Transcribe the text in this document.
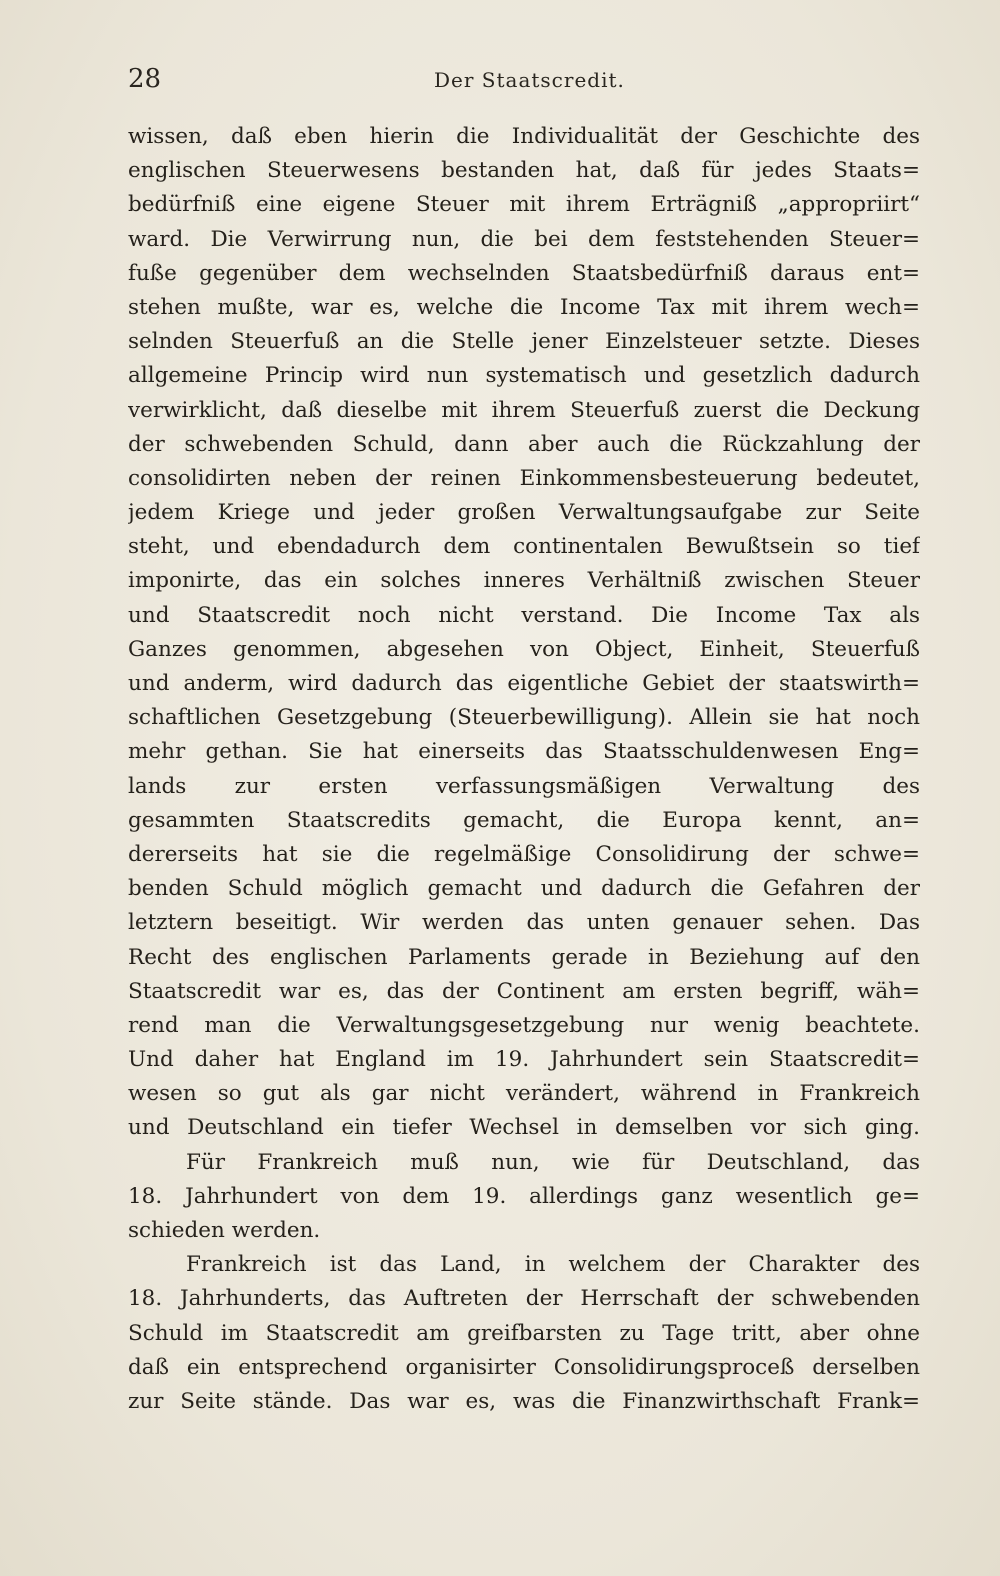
28	Der Staatscredit.
wissen, daß eben hierin die Individualität der Geschichte des
englischen Steuerwesens bestanden hat, daß für jedes Staats=
bedürfniß eine eigene Steuer mit ihrem Erträgniß „appropriirt“
ward. Die Verwirrung nun, die bei dem feststehenden Steuer=
fuße gegenüber dem wechselnden Staatsbedürfniß daraus ent=
stehen mußte, war es, welche die Income Tax mit ihrem wech=
selnden Steuerfuß an die Stelle jener Einzelsteuer setzte. Dieses
allgemeine Princip wird nun systematisch und gesetzlich dadurch
verwirklicht, daß dieselbe mit ihrem Steuerfuß zuerst die Deckung
der schwebenden Schuld, dann aber auch die Rückzahlung der
consolidirten neben der reinen Einkommensbesteuerung bedeutet,
jedem Kriege und jeder großen Verwaltungsaufgabe zur Seite
steht, und ebendadurch dem continentalen Bewußtsein so tief
imponirte, das ein solches inneres Verhältniß zwischen Steuer
und Staatscredit noch nicht verstand. Die Income Tax als
Ganzes genommen, abgesehen von Object, Einheit, Steuerfuß
und anderm, wird dadurch das eigentliche Gebiet der staatswirth=
schaftlichen Gesetzgebung (Steuerbewilligung). Allein sie hat noch
mehr gethan. Sie hat einerseits das Staatsschuldenwesen Eng=
lands zur ersten verfassungsmäßigen Verwaltung des
gesammten Staatscredits gemacht, die Europa kennt, an=
dererseits hat sie die regelmäßige Consolidirung der schwe=
benden Schuld möglich gemacht und dadurch die Gefahren der
letztern beseitigt. Wir werden das unten genauer sehen. Das
Recht des englischen Parlaments gerade in Beziehung auf den
Staatscredit war es, das der Continent am ersten begriff, wäh=
rend man die Verwaltungsgesetzgebung nur wenig beachtete.
Und daher hat England im 19. Jahrhundert sein Staatscredit=
wesen so gut als gar nicht verändert, während in Frankreich
und Deutschland ein tiefer Wechsel in demselben vor sich ging.
Für Frankreich muß nun, wie für Deutschland, das
18. Jahrhundert von dem 19. allerdings ganz wesentlich ge=
schieden werden.
Frankreich ist das Land, in welchem der Charakter des
18. Jahrhunderts, das Auftreten der Herrschaft der schwebenden
Schuld im Staatscredit am greifbarsten zu Tage tritt, aber ohne
daß ein entsprechend organisirter Consolidirungsproceß derselben
zur Seite stände. Das war es, was die Finanzwirthschaft Frank=
